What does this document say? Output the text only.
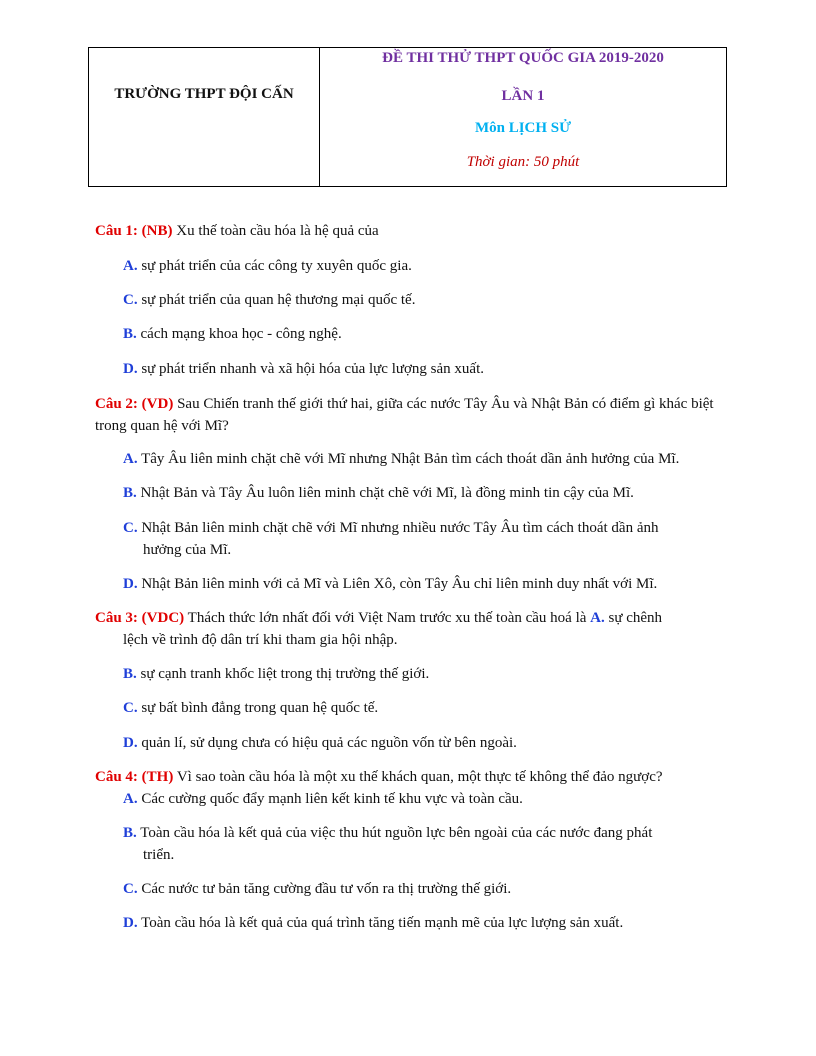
TRƯỜNG THPT ĐỘI CẤN
ĐỀ THI THỬ THPT QUỐC GIA 2019-2020
LẦN 1
Môn LỊCH SỬ
Thời gian: 50 phút
Câu 1: (NB) Xu thế toàn cầu hóa là hệ quả của
A. sự phát triển của các công ty xuyên quốc gia.
C. sự phát triển của quan hệ thương mại quốc tế.
B. cách mạng khoa học - công nghệ.
D. sự phát triển nhanh và xã hội hóa của lực lượng sản xuất.
Câu 2: (VD) Sau Chiến tranh thế giới thứ hai, giữa các nước Tây Âu và Nhật Bản có điểm gì khác biệt trong quan hệ với Mĩ?
A. Tây Âu liên minh chặt chẽ với Mĩ nhưng Nhật Bản tìm cách thoát dần ảnh hưởng của Mĩ.
B. Nhật Bản và Tây Âu luôn liên minh chặt chẽ với Mĩ, là đồng minh tin cậy của Mĩ.
C. Nhật Bản liên minh chặt chẽ với Mĩ nhưng nhiều nước Tây Âu tìm cách thoát dần ảnh
hưởng của Mĩ.
D. Nhật Bản liên minh với cả Mĩ và Liên Xô, còn Tây Âu chỉ liên minh duy nhất với Mĩ.
Câu 3: (VDC) Thách thức lớn nhất đối với Việt Nam trước xu thế toàn cầu hoá là A. sự chênh
lệch về trình độ dân trí khi tham gia hội nhập.
B. sự cạnh tranh khốc liệt trong thị trường thế giới.
C. sự bất bình đẳng trong quan hệ quốc tế.
D. quản lí, sử dụng chưa có hiệu quả các nguồn vốn từ bên ngoài.
Câu 4: (TH) Vì sao toàn cầu hóa là một xu thế khách quan, một thực tế không thể đảo ngược?
A. Các cường quốc đẩy mạnh liên kết kinh tế khu vực và toàn cầu.
B. Toàn cầu hóa là kết quả của việc thu hút nguồn lực bên ngoài của các nước đang phát
triển.
C. Các nước tư bản tăng cường đầu tư vốn ra thị trường thế giới.
D. Toàn cầu hóa là kết quả của quá trình tăng tiến mạnh mẽ của lực lượng sản xuất.
